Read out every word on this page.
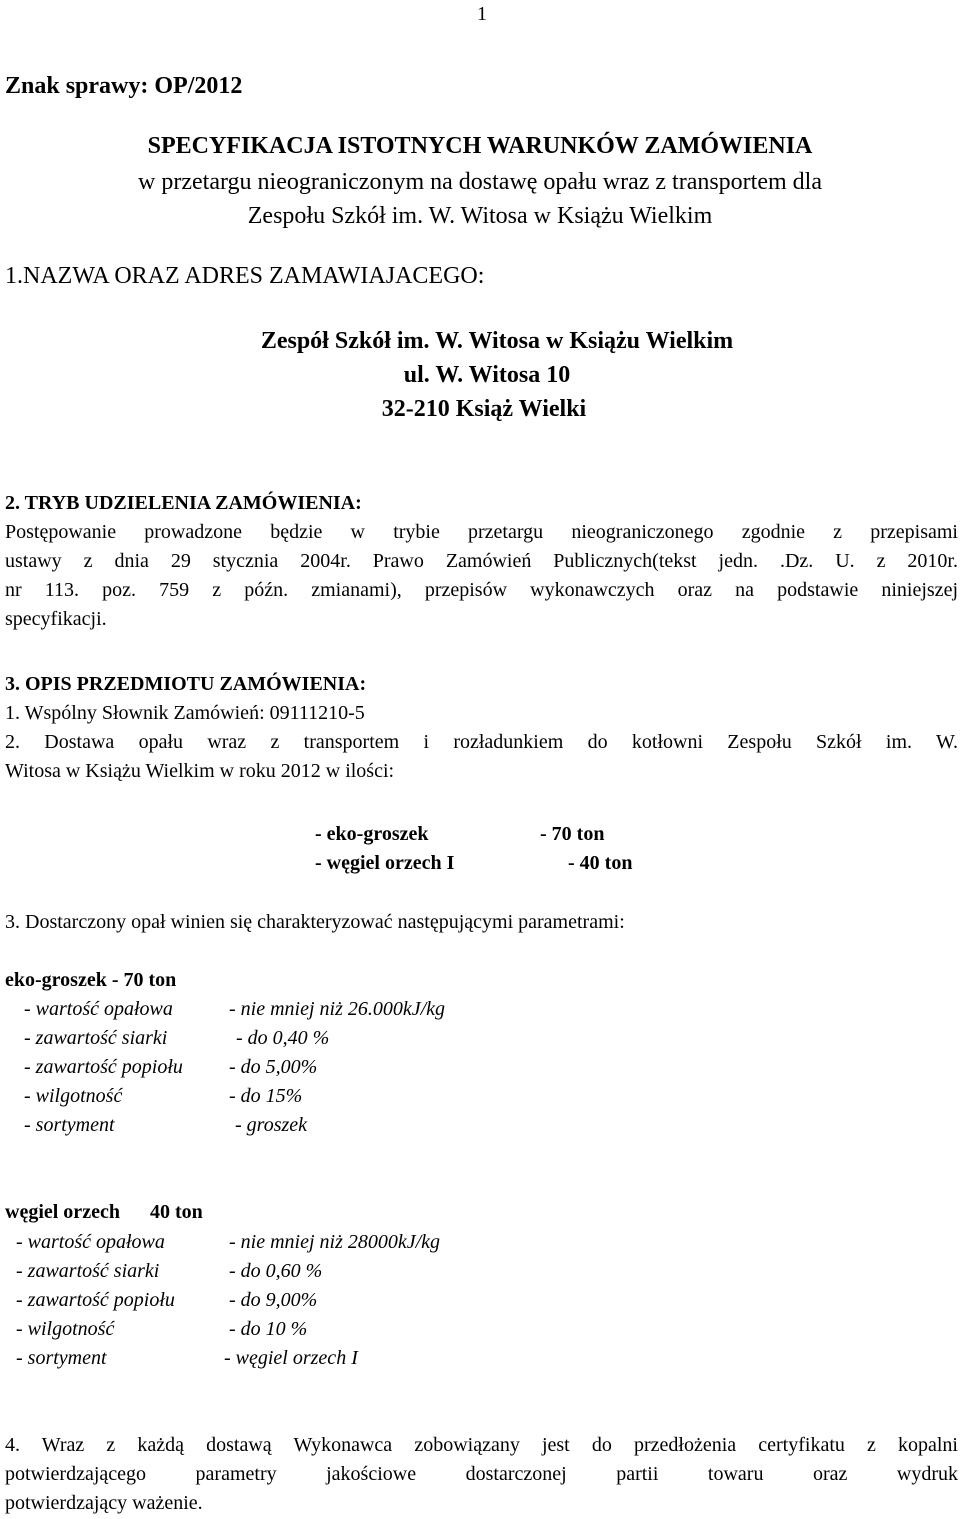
1
Znak sprawy: OP/2012
SPECYFIKACJA ISTOTNYCH WARUNKÓW ZAMÓWIENIA
w przetargu nieograniczonym na dostawę opału wraz z transportem dla
Zespołu Szkół im. W. Witosa w Książu Wielkim
1.NAZWA ORAZ ADRES ZAMAWIAJACEGO:
Zespół Szkół im. W. Witosa w Książu Wielkim
ul. W. Witosa 10
32-210 Książ Wielki
2. TRYB UDZIELENIA ZAMÓWIENIA:
Postępowanie prowadzone będzie w trybie przetargu nieograniczonego zgodnie z przepisami
ustawy z dnia 29 stycznia 2004r. Prawo Zamówień Publicznych(tekst jedn. .Dz. U. z 2010r.
nr 113. poz. 759 z późn. zmianami), przepisów wykonawczych oraz na podstawie niniejszej
specyfikacji.
3. OPIS PRZEDMIOTU ZAMÓWIENIA:
1. Wspólny Słownik Zamówień: 09111210-5
2. Dostawa opału wraz z transportem i rozładunkiem do kotłowni Zespołu Szkół im. W.
Witosa w Książu Wielkim w roku 2012 w ilości:
- eko-groszek	- 70 ton
- węgiel orzech I	- 40 ton
3. Dostarczony opał winien się charakteryzować następującymi parametrami:
eko-groszek - 70 ton
- wartość opałowa	- nie mniej niż 26.000kJ/kg
- zawartość siarki	- do 0,40 %
- zawartość popiołu - do 5,00%
- wilgotność	- do 15%
- sortyment	- groszek
węgiel orzech 40 ton
- wartość opałowa	- nie mniej niż 28000kJ/kg
- zawartość siarki	- do 0,60 %
- zawartość popiołu	- do 9,00%
- wilgotność	- do 10 %
- sortyment	- węgiel orzech I
4. Wraz z każdą dostawą Wykonawca zobowiązany jest do przedłożenia certyfikatu z kopalni
potwierdzającego parametry jakościowe dostarczonej partii towaru oraz wydruk
potwierdzający ważenie.
